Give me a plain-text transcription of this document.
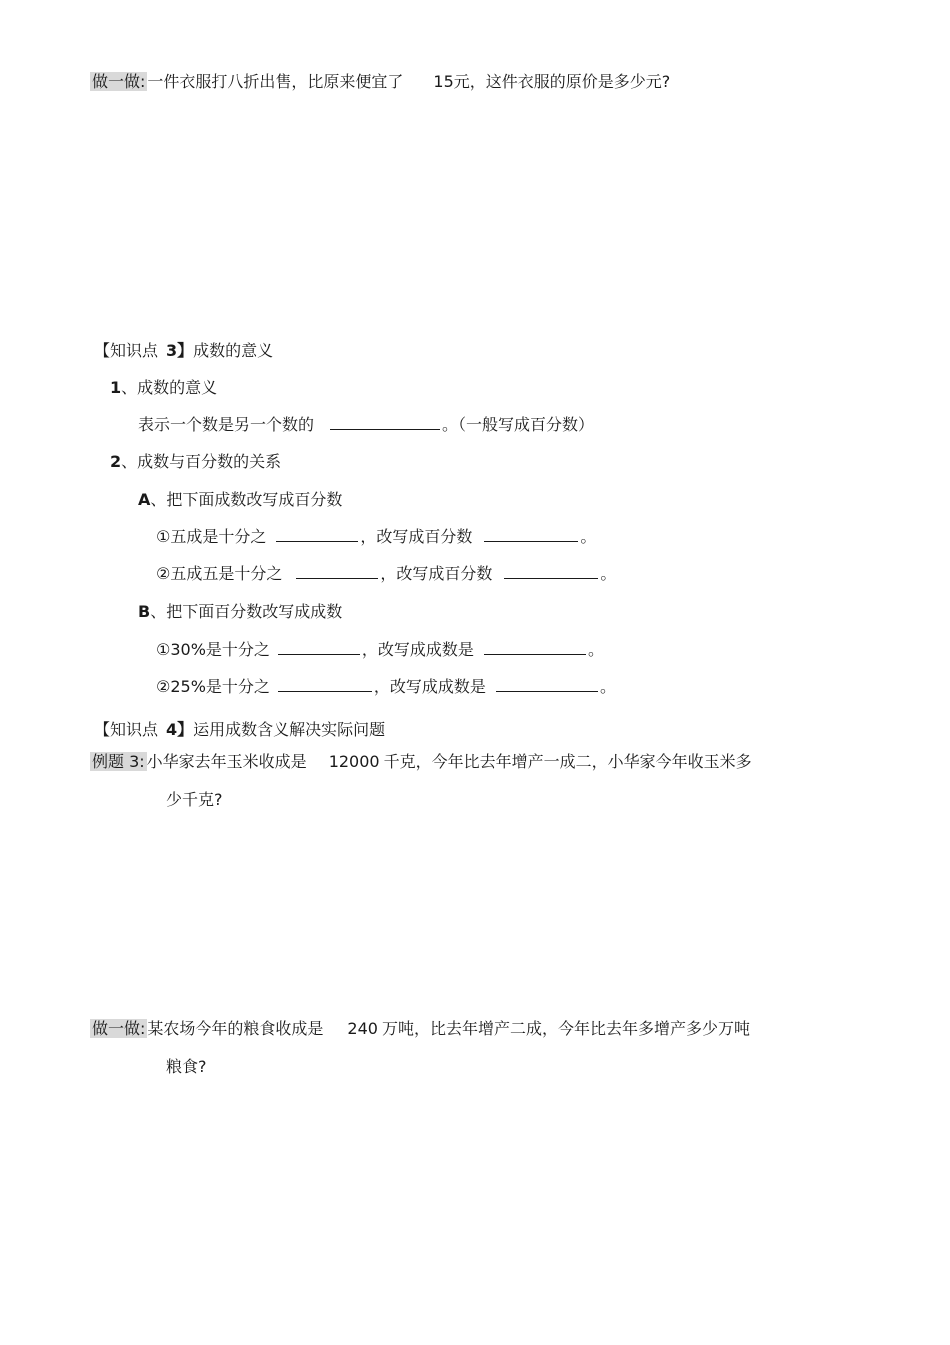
做一做: 一件衣服打八折出售，比原来便宜了 15元，这件衣服的原价是多少元?
【知识点 3】成数的意义
1、成数的意义
表示一个数是另一个数的	。（一般写成百分数）
2、成数与百分数的关系
A、把下面成数改写成百分数
①五成是十分之	，改写成百分数	。
②五成五是十分之	，改写成百分数	。
B、把下面百分数改写成成数
①30%是十分之	，改写成成数是	。
②25%是十分之	，改写成成数是	。
【知识点 4】运用成数含义解决实际问题
例题 3: 小华家去年玉米收成是 12000 千克，今年比去年增产一成二，小华家今年收玉米多
少千克?
做一做: 某农场今年的粮食收成是 240 万吨，比去年增产二成，今年比去年多增产多少万吨
粮食?
